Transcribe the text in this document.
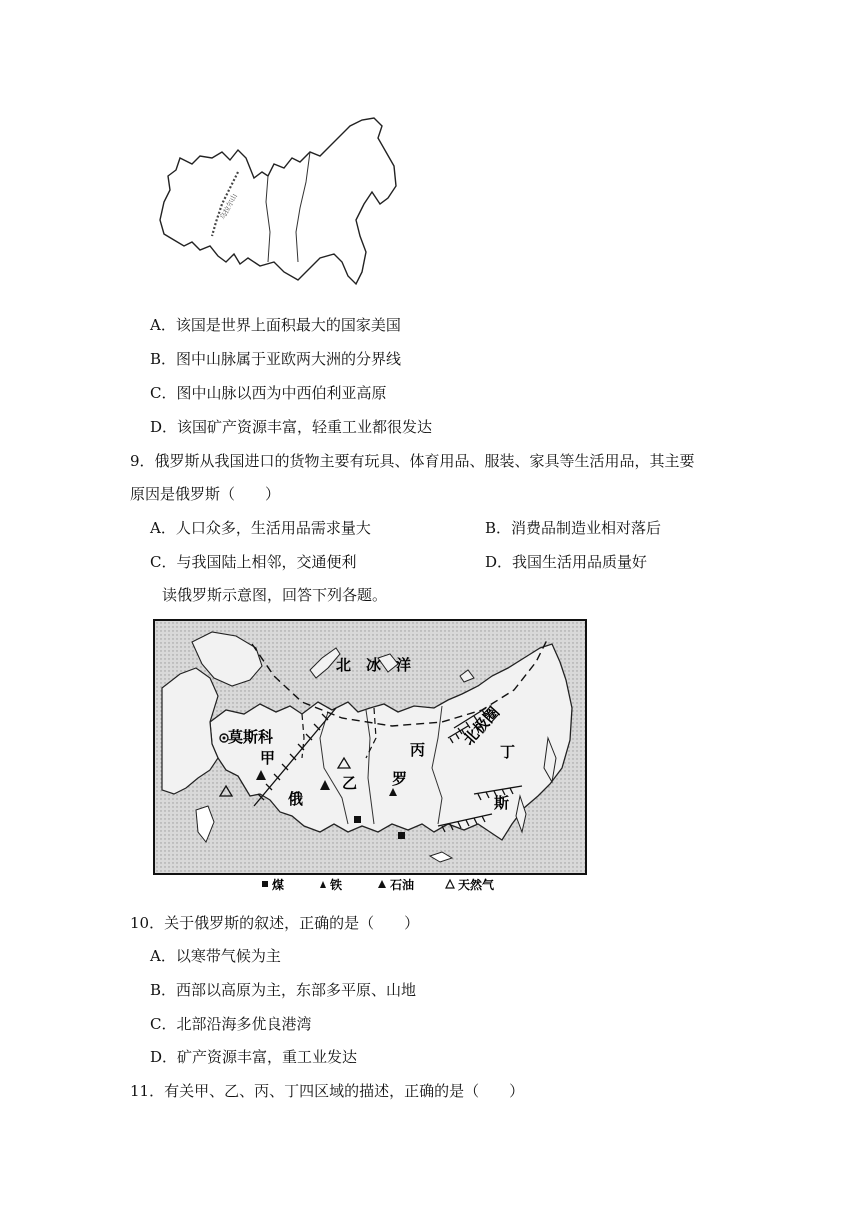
乌拉尔山
A．该国是世界上面积最大的国家美国
B．图中山脉属于亚欧两大洲的分界线
C．图中山脉以西为中西伯利亚高原
D．该国矿产资源丰富，轻重工业都很发达
9．俄罗斯从我国进口的货物主要有玩具、体育用品、服装、家具等生活用品，其主要
原因是俄罗斯（　　）
A．人口众多，生活用品需求量大	B．消费品制造业相对落后
C．与我国陆上相邻，交通便利	D．我国生活用品质量好
读俄罗斯示意图，回答下列各题。
北　冰　洋
莫斯科	北极圈
甲
乙
丙	丁
俄
罗
斯
煤	铁	石油	天然气
10．关于俄罗斯的叙述，正确的是（　　）
A．以寒带气候为主
B．西部以高原为主，东部多平原、山地
C．北部沿海多优良港湾
D．矿产资源丰富，重工业发达
11．有关甲、乙、丙、丁四区域的描述，正确的是（　　）
